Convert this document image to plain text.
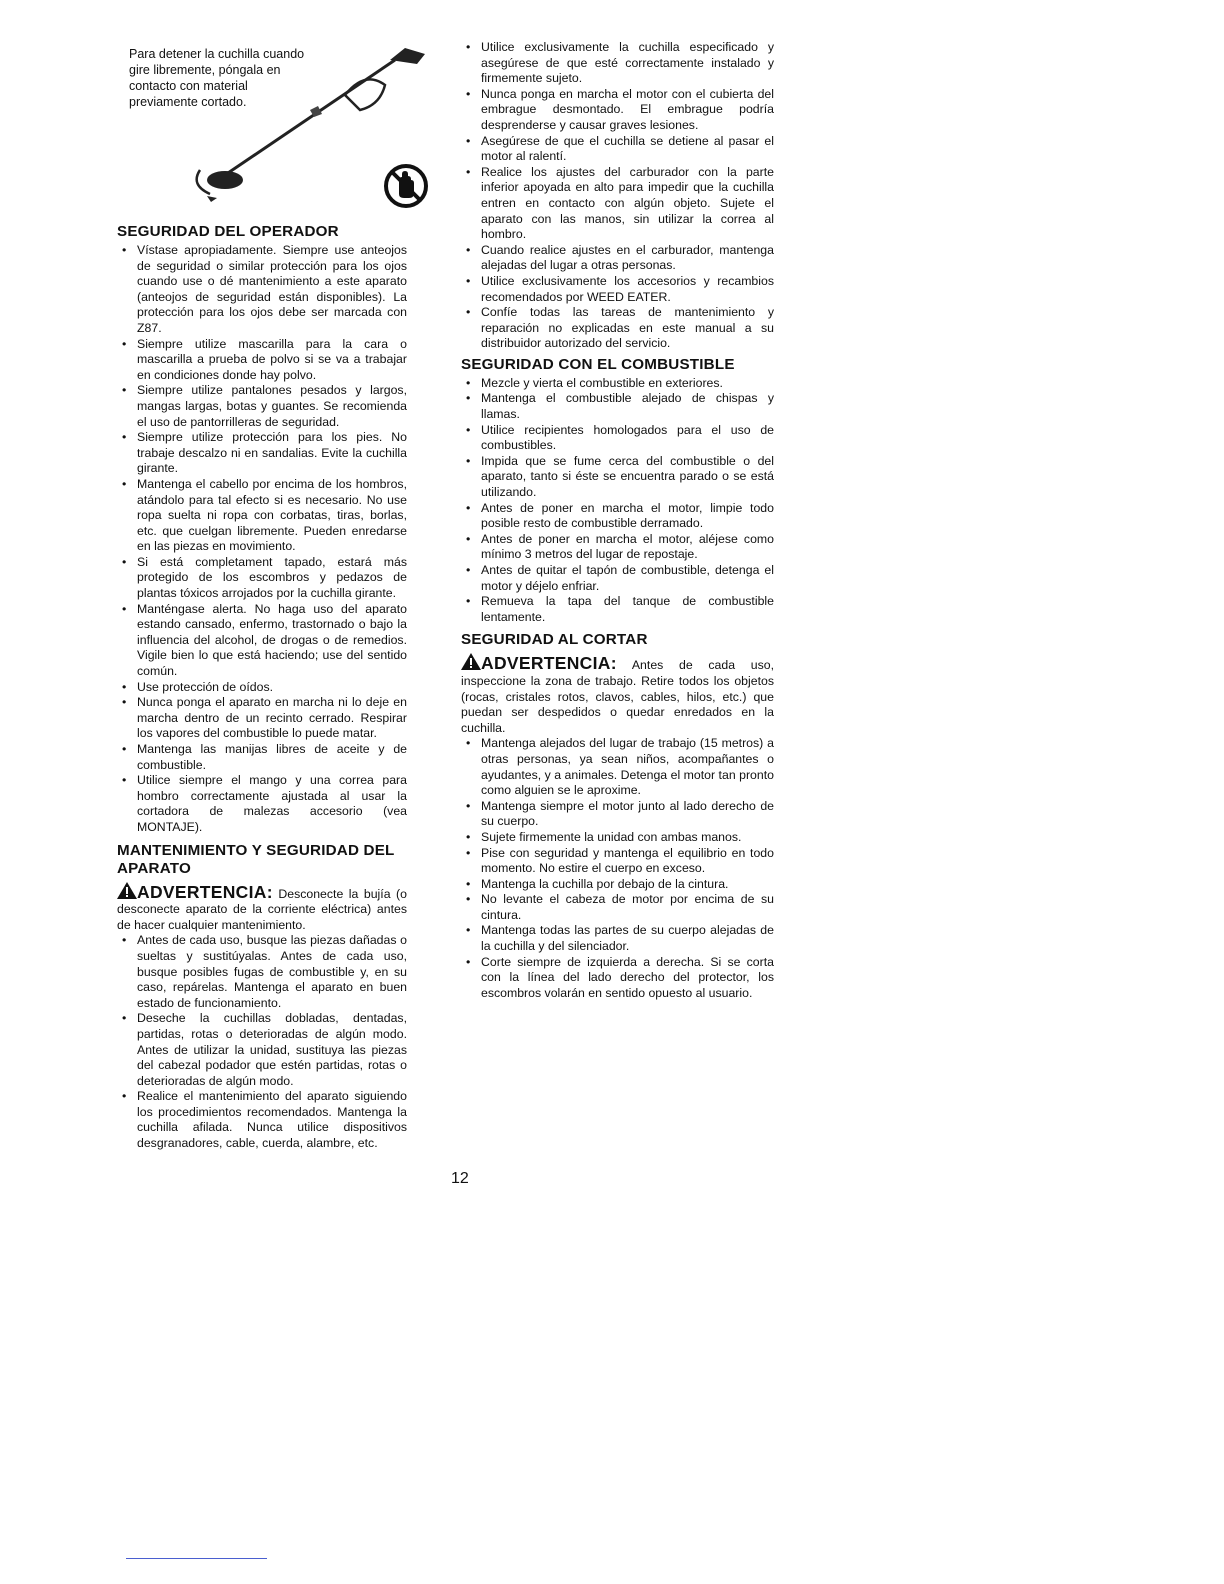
Para detener la cuchilla cuando gire libremente, póngala en contacto con material previamente cortado.
SEGURIDAD DEL OPERADOR
• Vístase apropiadamente. Siempre use anteojos de seguridad o similar protección para los ojos cuando use o dé mantenimiento a este aparato (anteojos de seguridad están disponibles). La protección para los ojos debe ser marcada con Z87.
• Siempre utilize mascarilla para la cara o mascarilla a prueba de polvo si se va a trabajar en condiciones donde hay polvo.
• Siempre utilize pantalones pesados y largos, mangas largas, botas y guantes. Se recomienda el uso de pantorrilleras de seguridad.
• Siempre utilize protección para los pies. No trabaje descalzo ni en sandalias. Evite la cuchilla girante.
• Mantenga el cabello por encima de los hombros, atándolo para tal efecto si es necesario. No use ropa suelta ni ropa con corbatas, tiras, borlas, etc. que cuelgan libremente. Pueden enredarse en las piezas en movimiento.
• Si está completament tapado, estará más protegido de los escombros y pedazos de plantas tóxicos arrojados por la cuchilla girante.
• Manténgase alerta. No haga uso del aparato estando cansado, enfermo, trastornado o bajo la influencia del alcohol, de drogas o de remedios. Vigile bien lo que está haciendo; use del sentido común.
• Use protección de oídos.
• Nunca ponga el aparato en marcha ni lo deje en marcha dentro de un recinto cerrado. Respirar los vapores del combustible lo puede matar.
• Mantenga las manijas libres de aceite y de combustible.
• Utilice siempre el mango y una correa para hombro correctamente ajustada al usar la cortadora de malezas accesorio (vea MONTAJE).
MANTENIMIENTO Y SEGURIDAD DEL APARATO

ADVERTENCIA: Desconecte la bujía (o desconecte aparato de la corriente eléctrica) antes de hacer cualquier mantenimiento.

• Antes de cada uso, busque las piezas dañadas o sueltas y sustitúyalas. Antes de cada uso, busque posibles fugas de combustible y, en su caso, repárelas. Mantenga el aparato en buen estado de funcionamiento.
• Deseche la cuchillas dobladas, dentadas, partidas, rotas o deterioradas de algún modo. Antes de utilizar la unidad, sustituya las piezas del cabezal podador que estén partidas, rotas o deterioradas de algún modo.
• Realice el mantenimiento del aparato siguiendo los procedimientos recomendados. Mantenga la cuchilla afilada. Nunca utilice dispositivos desgranadores, cable, cuerda, alambre, etc.
• Utilice exclusivamente la cuchilla especificado y asegúrese de que esté correctamente instalado y firmemente sujeto.
• Nunca ponga en marcha el motor con el cubierta del embrague desmontado. El embrague podría desprenderse y causar graves lesiones.
• Asegúrese de que el cuchilla se detiene al pasar el motor al ralentí.
• Realice los ajustes del carburador con la parte inferior apoyada en alto para impedir que la cuchilla entren en contacto con algún objeto. Sujete el aparato con las manos, sin utilizar la correa al hombro.
• Cuando realice ajustes en el carburador, mantenga alejadas del lugar a otras personas.
• Utilice exclusivamente los accesorios y recambios recomendados por WEED EATER.
• Confíe todas las tareas de mantenimiento y reparación no explicadas en este manual a su distribuidor autorizado del servicio.
SEGURIDAD CON EL COMBUSTIBLE
• Mezcle y vierta el combustible en exteriores.
• Mantenga el combustible alejado de chispas y llamas.
• Utilice recipientes homologados para el uso de combustibles.
• Impida que se fume cerca del combustible o del aparato, tanto si éste se encuentra parado o se está utilizando.
• Antes de poner en marcha el motor, limpie todo posible resto de combustible derramado.
• Antes de poner en marcha el motor, aléjese como mínimo 3 metros del lugar de repostaje.
• Antes de quitar el tapón de combustible, detenga el motor y déjelo enfriar.
• Remueva la tapa del tanque de combustible lentamente.
SEGURIDAD AL CORTAR

ADVERTENCIA: Antes de cada uso, inspeccione la zona de trabajo. Retire todos los objetos (rocas, cristales rotos, clavos, cables, hilos, etc.) que puedan ser despedidos o quedar enredados en la cuchilla.

• Mantenga alejados del lugar de trabajo (15 metros) a otras personas, ya sean niños, acompañantes o ayudantes, y a animales. Detenga el motor tan pronto como alguien se le aproxime.
• Mantenga siempre el motor junto al lado derecho de su cuerpo.
• Sujete firmemente la unidad con ambas manos.
• Pise con seguridad y mantenga el equilibrio en todo momento. No estire el cuerpo en exceso.
• Mantenga la cuchilla por debajo de la cintura.
• No levante el cabeza de motor por encima de su cintura.
• Mantenga todas las partes de su cuerpo alejadas de la cuchilla y del silenciador.
• Corte siempre de izquierda a derecha. Si se corta con la línea del lado derecho del protector, los escombros volarán en sentido opuesto al usuario.
12
